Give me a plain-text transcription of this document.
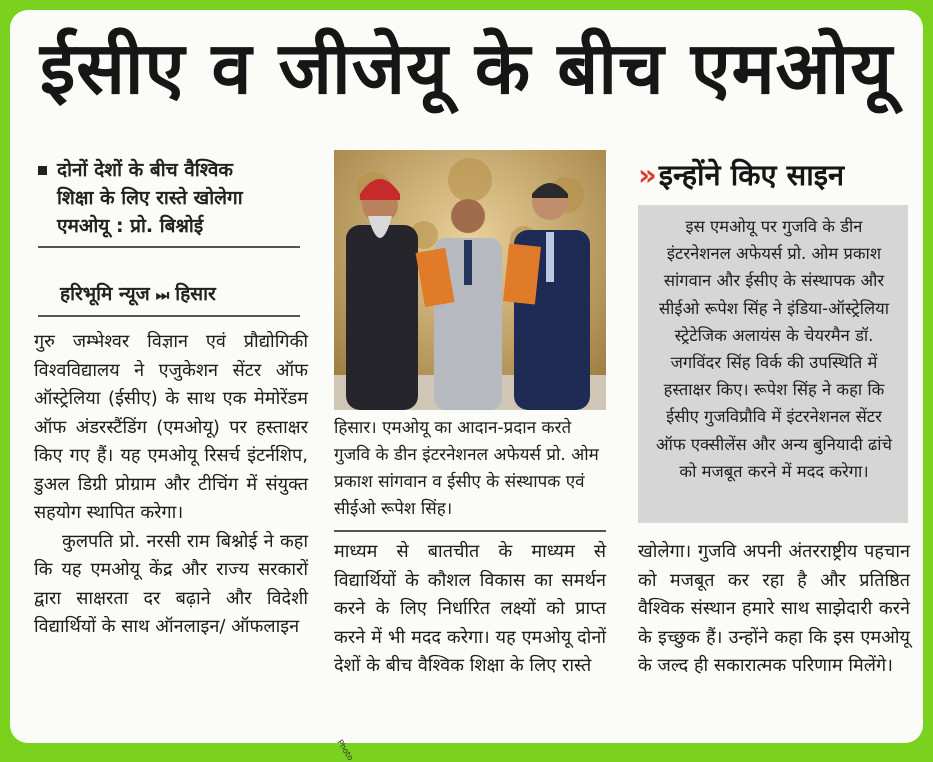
ईसीए व जीजेयू के बीच एमओयू
दोनों देशों के बीच वैश्विक
शिक्षा के लिए रास्ते खोलेगा
एमओयू : प्रो. बिश्नोई
हरिभूमि न्यूज ⏭ हिसार

गुरु जम्भेश्वर विज्ञान एवं प्रौद्योगिकी विश्वविद्यालय ने एजुकेशन सेंटर ऑफ ऑस्ट्रेलिया (ईसीए) के साथ एक मेमोरेंडम ऑफ अंडरस्टैंडिंग (एमओयू) पर हस्ताक्षर किए गए हैं। यह एमओयू रिसर्च इंटर्नशिप, डुअल डिग्री प्रोग्राम और टीचिंग में संयुक्त सहयोग स्थापित करेगा।

कुलपति प्रो. नरसी राम बिश्नोई ने कहा कि यह एमओयू केंद्र और राज्य सरकारों द्वारा साक्षरता दर बढ़ाने और विदेशी विद्यार्थियों के साथ ऑनलाइन/ ऑफलाइन

हिसार। एमओयू का आदान-प्रदान करते गुजवि के डीन इंटरनेशनल अफेयर्स प्रो. ओम प्रकाश सांगवान व ईसीए के संस्थापक एवं सीईओ रूपेश सिंह।

माध्यम से बातचीत के माध्यम से विद्यार्थियों के कौशल विकास का समर्थन करने के लिए निर्धारित लक्ष्यों को प्राप्त करने में भी मदद करेगा। यह एमओयू दोनों देशों के बीच वैश्विक शिक्षा के लिए रास्ते

» इन्होंने किए साइन
इस एमओयू पर गुजवि के डीन इंटरनेशनल अफेयर्स प्रो. ओम प्रकाश सांगवान और ईसीए के संस्थापक और सीईओ रूपेश सिंह ने इंडिया-ऑस्ट्रेलिया स्ट्रेटेजिक अलायंस के चेयरमैन डॉ. जगविंदर सिंह विर्क की उपस्थिति में हस्ताक्षर किए। रूपेश सिंह ने कहा कि ईसीए गुजविप्रौवि में इंटरनेशनल सेंटर ऑफ एक्सीलेंस और अन्य बुनियादी ढांचे को मजबूत करने में मदद करेगा।

खोलेगा। गुजवि अपनी अंतरराष्ट्रीय पहचान को मजबूत कर रहा है और प्रतिष्ठित वैश्विक संस्थान हमारे साथ साझेदारी करने के इच्छुक हैं। उन्होंने कहा कि इस एमओयू के जल्द ही सकारात्मक परिणाम मिलेंगे।

Photo
